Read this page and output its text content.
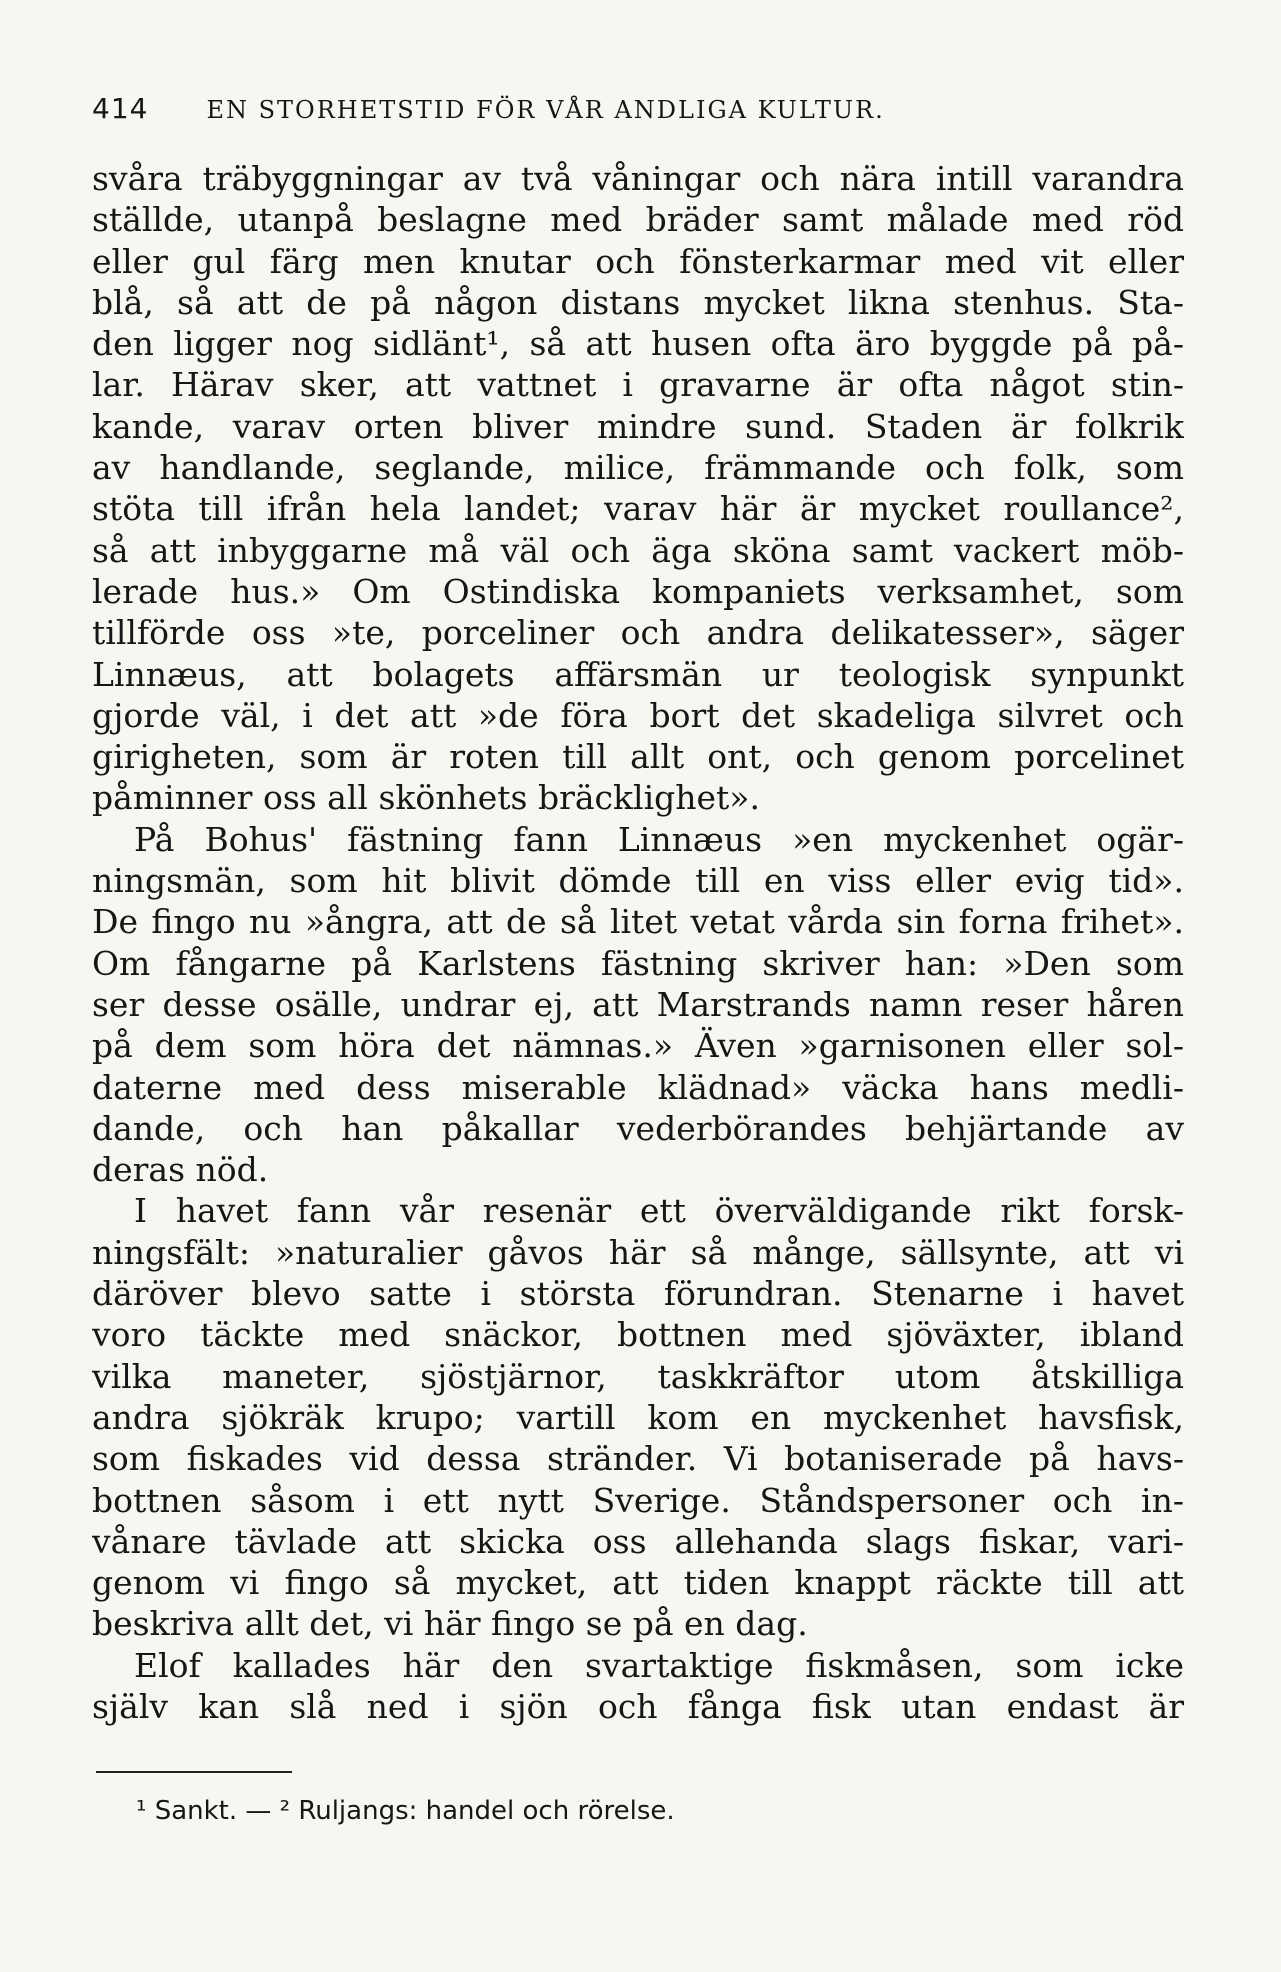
414 EN STORHETSTID FÖR VÅR ANDLIGA KULTUR.
svåra träbyggningar av två våningar och nära intill varandra
ställde, utanpå beslagne med bräder samt målade med röd
eller gul färg men knutar och fönsterkarmar med vit eller
blå, så att de på någon distans mycket likna stenhus. Sta-
den ligger nog sidlänt¹, så att husen ofta äro byggde på på-
lar. Härav sker, att vattnet i gravarne är ofta något stin-
kande, varav orten bliver mindre sund. Staden är folkrik
av handlande, seglande, milice, främmande och folk, som
stöta till ifrån hela landet; varav här är mycket roullance²,
så att inbyggarne må väl och äga sköna samt vackert möb-
lerade hus.» Om Ostindiska kompaniets verksamhet, som
tillförde oss »te, porceliner och andra delikatesser», säger
Linnæus, att bolagets affärsmän ur teologisk synpunkt
gjorde väl, i det att »de föra bort det skadeliga silvret och
girigheten, som är roten till allt ont, och genom porcelinet
påminner oss all skönhets bräcklighet».
På Bohus' fästning fann Linnæus »en myckenhet ogär-
ningsmän, som hit blivit dömde till en viss eller evig tid».
De fingo nu »ångra, att de så litet vetat vårda sin forna frihet».
Om fångarne på Karlstens fästning skriver han: »Den som
ser desse osälle, undrar ej, att Marstrands namn reser håren
på dem som höra det nämnas.» Även »garnisonen eller sol-
daterne med dess miserable klädnad» väcka hans medli-
dande, och han påkallar vederbörandes behjärtande av
deras nöd.
I havet fann vår resenär ett överväldigande rikt forsk-
ningsfält: »naturalier gåvos här så månge, sällsynte, att vi
däröver blevo satte i största förundran. Stenarne i havet
voro täckte med snäckor, bottnen med sjöväxter, ibland
vilka maneter, sjöstjärnor, taskkräftor utom åtskilliga
andra sjökräk krupo; vartill kom en myckenhet havsfisk,
som fiskades vid dessa stränder. Vi botaniserade på havs-
bottnen såsom i ett nytt Sverige. Ståndspersoner och in-
vånare tävlade att skicka oss allehanda slags fiskar, vari-
genom vi fingo så mycket, att tiden knappt räckte till att
beskriva allt det, vi här fingo se på en dag.
Elof kallades här den svartaktige fiskmåsen, som icke
själv kan slå ned i sjön och fånga fisk utan endast är
¹ Sankt. — ² Ruljangs: handel och rörelse.
